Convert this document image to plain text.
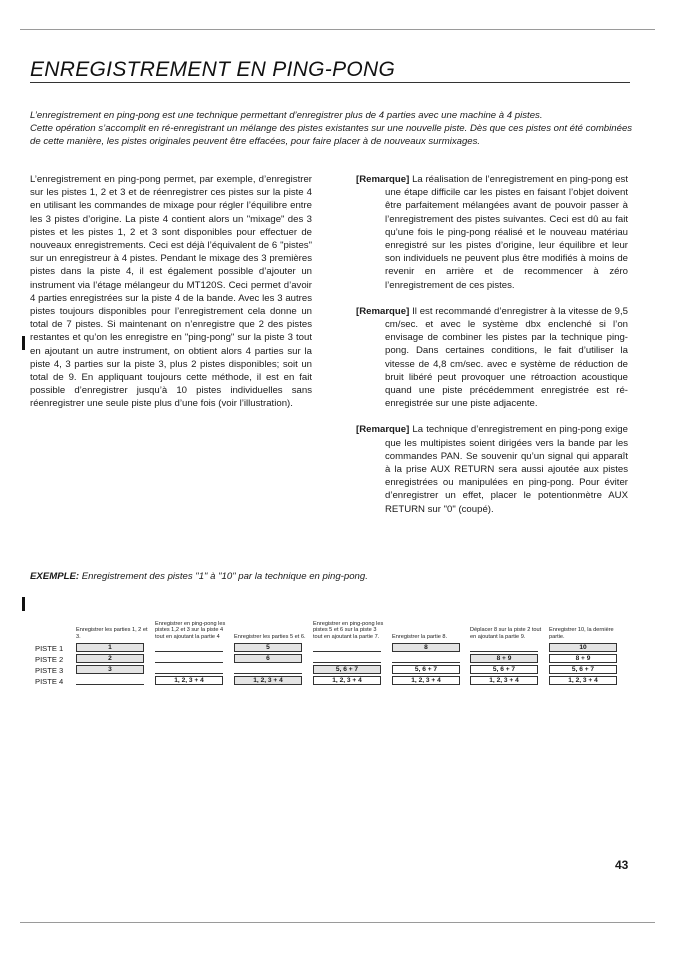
ENREGISTREMENT EN PING-PONG

L’enregistrement en ping-pong est une technique permettant d’enregistrer plus de 4 parties avec une machine à 4 pistes.

Cette opération s’accomplit en ré-enregistrant un mélange des pistes existantes sur une nouvelle piste. Dès que ces pistes ont été combinées de cette manière, les pistes originales peuvent être effacées, pour faire placer à de nouveaux surmixages.

L’enregistrement en ping-pong permet, par exemple, d’enregistrer sur les pistes 1, 2 et 3 et de réenregistrer ces pistes sur la piste 4 en utilisant les commandes de mixage pour régler l’équilibre entre les 3 pistes d’origine. La piste 4 contient alors un "mixage" des 3 pistes et les pistes 1, 2 et 3 sont disponibles pour effectuer de nouveaux enregistrements. Ceci est déjà l’équivalent de 6 "pistes" sur un enregistreur à 4 pistes. Pendant le mixage des 3 premières pistes dans la piste 4, il est également possible d’ajouter un instrument via l’étage mélangeur du MT120S. Ceci permet d’avoir 4 parties enregistrées sur la piste 4 de la bande. Avec les 3 autres pistes toujours disponibles pour l’enregistrement cela donne un total de 7 pistes. Si maintenant on n’enregistre que 2 des pistes restantes et qu’on les enregistre en "ping-pong" sur la piste 3 tout en ajoutant un autre instrument, on obtient alors 4 parties sur la piste 4, 3 parties sur la piste 3, plus 2 pistes disponibles; soit un total de 9. En appliquant toujours cette méthode, il est en fait possible d’enregistrer jusqu’à 10 pistes individuelles sans réenregistrer une seule piste plus d’une fois (voir l’illustration).

[Remarque] La réalisation de l’enregistrement en ping-pong est une étape difficile car les pistes en faisant l’objet doivent être parfaitement mélangées avant de pouvoir passer à l’enregistrement des pistes suivantes. Ceci est dû au fait qu’une fois le ping-pong réalisé et le nouveau matériau enregistré sur les pistes d’origine, leur équilibre et leur son individuels ne peuvent plus être modifiés à moins de revenir en arrière et de recommencer à zéro l’enregistrement de ces pistes.

[Remarque] Il est recommandé d’enregistrer à la vitesse de 9,5 cm/sec. et avec le système dbx enclenché si l’on envisage de combiner les pistes par la technique ping-pong. Dans certaines conditions, le fait d’utiliser la vitesse de 4,8 cm/sec. avec e système de réduction de bruit libéré peut provoquer une rétroaction acoustique quand une piste précédemment enregistrée est ré-enregistrée sur une piste adjacente.

[Remarque] La technique d’enregistrement en ping-pong exige que les multipistes soient dirigées vers la bande par les commandes PAN. Se souvenir qu’un signal qui apparaît à la prise AUX RETURN sera aussi ajoutée aux pistes enregistrées ou manipulées en ping-pong. Pour éviter d’enregistrer un effet, placer le potentionmètre AUX RETURN sur "0" (coupé).

EXEMPLE: Enregistrement des pistes "1" à "10" par la technique en ping-pong.
PISTE 1
PISTE 2
PISTE 3
PISTE 4
Enregistrer les parties 1, 2 et 3.
1
2
3
Enregistrer en ping-pong les pistes 1,2 et 3 sur la piste 4 tout en ajoutant la partie 4
1, 2, 3 + 4
Enregistrer les parties 5 et 6.
5
6
1, 2, 3 + 4
Enregistrer en ping-pong les pistes 5 et 6 sur la piste 3 tout en ajoutant la partie 7.
5, 6 + 7
1, 2, 3 + 4
Enregistrer la partie 8.
8
5, 6 + 7
1, 2, 3 + 4
Déplacer 8 sur la piste 2 tout en ajoutant la partie 9.
8 + 9
5, 6 + 7
1, 2, 3 + 4
Enregistrer 10, la dernière partie.
10
8 + 9
5, 6 + 7
1, 2, 3 + 4
43
